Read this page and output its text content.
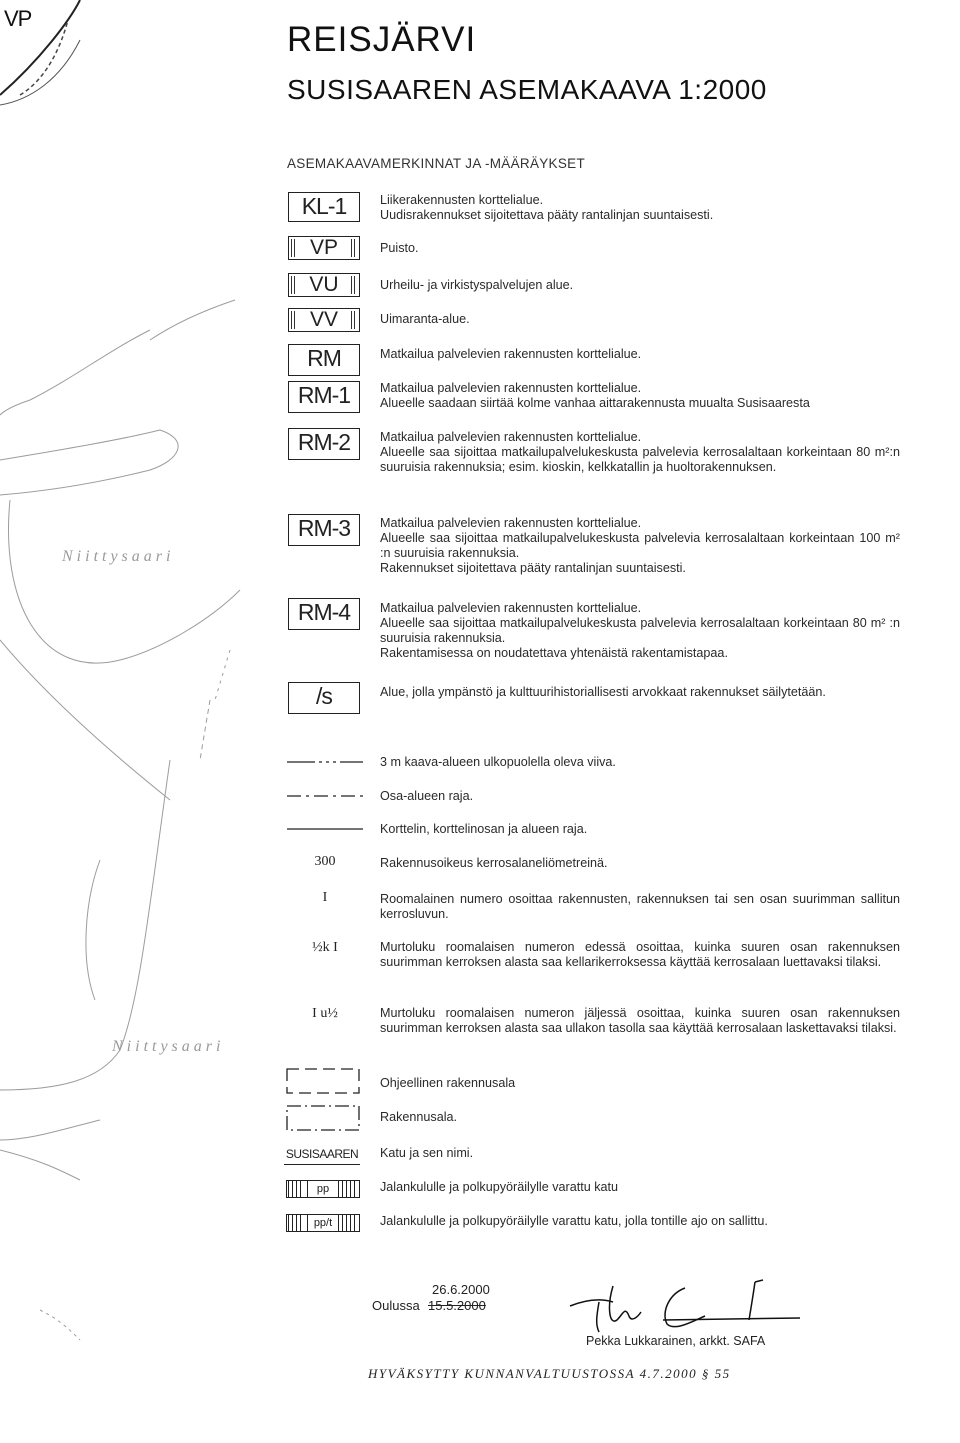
VP
Niittysaari
Niittysaari
REISJÄRVI
SUSISAAREN ASEMAKAAVA 1:2000
ASEMAKAAVAMERKINNAT JA -MÄÄRÄYKSET
KL-1	Liikerakennusten korttelialue.
Uudisrakennukset sijoitettava pääty rantalinjan suuntaisesti.
VP	Puisto.
VU	Urheilu- ja virkistyspalvelujen alue.
VV	Uimaranta-alue.
RM	Matkailua palvelevien rakennusten korttelialue.
RM-1	Matkailua palvelevien rakennusten korttelialue.
Alueelle saadaan siirtää kolme vanhaa aittarakennusta muualta Susisaaresta
RM-2	Matkailua palvelevien rakennusten korttelialue.
Alueelle saa sijoittaa matkailupalvelukeskusta palvelevia kerrosalaltaan korkeintaan 80 m²:n suuruisia rakennuksia; esim. kioskin, kelkkatallin ja huoltorakennuksen.
RM-3	Matkailua palvelevien rakennusten korttelialue.
Alueelle saa sijoittaa matkailupalvelukeskusta palvelevia kerrosalaltaan korkeintaan 100 m² :n suuruisia rakennuksia.
Rakennukset sijoitettava pääty rantalinjan suuntaisesti.
RM-4	Matkailua palvelevien rakennusten korttelialue.
Alueelle saa sijoittaa matkailupalvelukeskusta palvelevia kerrosalaltaan korkeintaan 80 m² :n suuruisia rakennuksia.
Rakentamisessa on noudatettava yhtenäistä rakentamistapaa.
/s	Alue, jolla ympänstö ja kulttuurihistoriallisesti arvokkaat rakennukset säilytetään.
3 m kaava-alueen ulkopuolella oleva viiva.
Osa-alueen raja.
Korttelin, korttelinosan ja alueen raja.
300	Rakennusoikeus kerrosalaneliömetreinä.
I	Roomalainen numero osoittaa rakennusten, rakennuksen tai sen osan suurimman sallitun kerrosluvun.
½k I	Murtoluku roomalaisen numeron edessä osoittaa, kuinka suuren osan rakennuksen suurimman kerroksen alasta saa kellarikerroksessa käyttää kerrosalaan luettavaksi tilaksi.
I u½	Murtoluku roomalaisen numeron jäljessä osoittaa, kuinka suuren osan rakennuksen suurimman kerroksen alasta saa ullakon tasolla saa käyttää kerrosalaan laskettavaksi tilaksi.
Ohjeellinen rakennusala
Rakennusala.
SUSISAAREN Katu ja sen nimi.
pp	Jalankululle ja polkupyöräilylle varattu katu
pp/t	Jalankululle ja polkupyöräilylle varattu katu, jolla tontille ajo on sallittu.
26.6.2000
Oulussa 15.5.2000
Pekka Lukkarainen, arkkt. SAFA
HYVÄKSYTTY KUNNANVALTUUSTOSSA 4.7.2000 § 55
